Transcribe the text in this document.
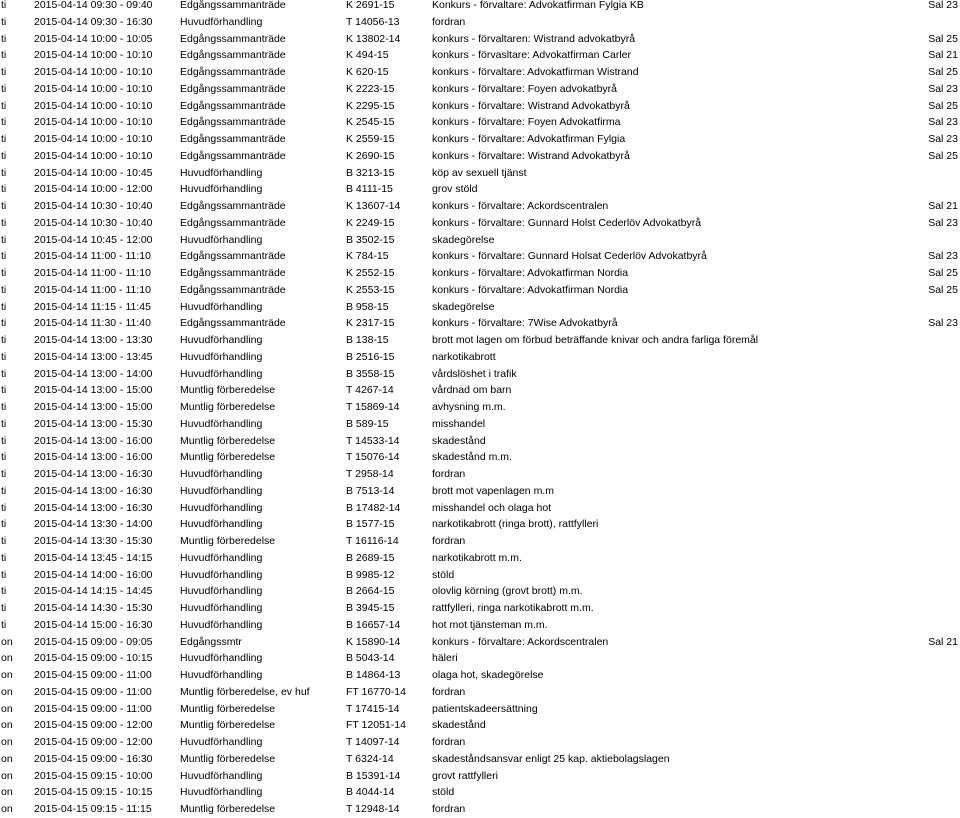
ti	2015-04-14 09:30 - 09:40	Edgångssammanträde	K 2691-15	Konkurs - förvaltare: Advokatfirman Fylgia KB	Sal 23
ti	2015-04-14 09:30 - 16:30	Huvudförhandling	T 14056-13	fordran
ti	2015-04-14 10:00 - 10:05	Edgångssammanträde	K 13802-14	konkurs - förvaltaren: Wistrand advokatbyrå	Sal 25
ti	2015-04-14 10:00 - 10:10	Edgångssammanträde	K 494-15	konkurs - förvasltare: Advokatfirman Carler	Sal 21
ti	2015-04-14 10:00 - 10:10	Edgångssammanträde	K 620-15	konkurs - förvaltare: Advokatfirman Wistrand	Sal 25
ti	2015-04-14 10:00 - 10:10	Edgångssammanträde	K 2223-15	konkurs - förvaltare: Foyen advokatbyrå	Sal 23
ti	2015-04-14 10:00 - 10:10	Edgångssammanträde	K 2295-15	konkurs - förvaltare: Wistrand Advokatbyrå	Sal 25
ti	2015-04-14 10:00 - 10:10	Edgångssammanträde	K 2545-15	konkurs - förvaltare: Foyen Advokatfirma	Sal 23
ti	2015-04-14 10:00 - 10:10	Edgångssammanträde	K 2559-15	konkurs - förvaltare: Advokatfirman Fylgia	Sal 23
ti	2015-04-14 10:00 - 10:10	Edgångssammanträde	K 2690-15	konkurs - förvaltare: Wistrand Advokatbyrå	Sal 25
ti	2015-04-14 10:00 - 10:45	Huvudförhandling	B 3213-15	köp av sexuell tjänst
ti	2015-04-14 10:00 - 12:00	Huvudförhandling	B 4111-15	grov stöld
ti	2015-04-14 10:30 - 10:40	Edgångssammanträde	K 13607-14	konkurs - förvaltare: Ackordscentralen	Sal 21
ti	2015-04-14 10:30 - 10:40	Edgångssammanträde	K 2249-15	konkurs - förvaltare: Gunnard Holst Cederlöv Advokatbyrå	Sal 23
ti	2015-04-14 10:45 - 12:00	Huvudförhandling	B 3502-15	skadegörelse
ti	2015-04-14 11:00 - 11:10	Edgångssammanträde	K 784-15	konkurs - förvaltare: Gunnard Holsat Cederlöv Advokatbyrå	Sal 23
ti	2015-04-14 11:00 - 11:10	Edgångssammanträde	K 2552-15	konkurs - förvaltare: Advokatfirman Nordia	Sal 25
ti	2015-04-14 11:00 - 11:10	Edgångssammanträde	K 2553-15	konkurs - förvaltare: Advokatfirman Nordia	Sal 25
ti	2015-04-14 11:15 - 11:45	Huvudförhandling	B 958-15	skadegörelse
ti	2015-04-14 11:30 - 11:40	Edgångssammanträde	K 2317-15	konkurs - förvaltare: 7Wise Advokatbyrå	Sal 23
ti	2015-04-14 13:00 - 13:30	Huvudförhandling	B 138-15	brott mot lagen om förbud beträffande knivar och andra farliga föremål
ti	2015-04-14 13:00 - 13:45	Huvudförhandling	B 2516-15	narkotikabrott
ti	2015-04-14 13:00 - 14:00	Huvudförhandling	B 3558-15	vårdslöshet i trafik
ti	2015-04-14 13:00 - 15:00	Muntlig förberedelse	T 4267-14	vårdnad om barn
ti	2015-04-14 13:00 - 15:00	Muntlig förberedelse	T 15869-14	avhysning m.m.
ti	2015-04-14 13:00 - 15:30	Huvudförhandling	B 589-15	misshandel
ti	2015-04-14 13:00 - 16:00	Muntlig förberedelse	T 14533-14	skadestånd
ti	2015-04-14 13:00 - 16:00	Muntlig förberedelse	T 15076-14	skadestånd m.m.
ti	2015-04-14 13:00 - 16:30	Huvudförhandling	T 2958-14	fordran
ti	2015-04-14 13:00 - 16:30	Huvudförhandling	B 7513-14	brott mot vapenlagen m.m
ti	2015-04-14 13:00 - 16:30	Huvudförhandling	B 17482-14	misshandel och olaga hot
ti	2015-04-14 13:30 - 14:00	Huvudförhandling	B 1577-15	narkotikabrott (ringa brott), rattfylleri
ti	2015-04-14 13:30 - 15:30	Muntlig förberedelse	T 16116-14	fordran
ti	2015-04-14 13:45 - 14:15	Huvudförhandling	B 2689-15	narkotikabrott m.m.
ti	2015-04-14 14:00 - 16:00	Huvudförhandling	B 9985-12	stöld
ti	2015-04-14 14:15 - 14:45	Huvudförhandling	B 2664-15	olovlig körning (grovt brott) m.m.
ti	2015-04-14 14:30 - 15:30	Huvudförhandling	B 3945-15	rattfylleri, ringa narkotikabrott m.m.
ti	2015-04-14 15:00 - 16:30	Huvudförhandling	B 16657-14	hot mot tjänsteman m.m.
on 2015-04-15 09:00 - 09:05	Edgångssmtr	K 15890-14	konkurs - förvaltare: Ackordscentralen	Sal 21
on 2015-04-15 09:00 - 10:15	Huvudförhandling	B 5043-14	häleri
on 2015-04-15 09:00 - 11:00	Huvudförhandling	B 14864-13	olaga hot, skadegörelse
on 2015-04-15 09:00 - 11:00	Muntlig förberedelse, ev huf	FT 16770-14 fordran
on 2015-04-15 09:00 - 11:00	Muntlig förberedelse	T 17415-14	patientskadeersättning
on 2015-04-15 09:00 - 12:00	Muntlig förberedelse	FT 12051-14 skadestånd
on 2015-04-15 09:00 - 12:00	Huvudförhandling	T 14097-14	fordran
on 2015-04-15 09:00 - 16:30	Muntlig förberedelse	T 6324-14	skadeståndsansvar enligt 25 kap. aktiebolagslagen
on 2015-04-15 09:15 - 10:00	Huvudförhandling	B 15391-14	grovt rattfylleri
on 2015-04-15 09:15 - 10:15	Huvudförhandling	B 4044-14	stöld
on 2015-04-15 09:15 - 11:15	Muntlig förberedelse	T 12948-14	fordran
